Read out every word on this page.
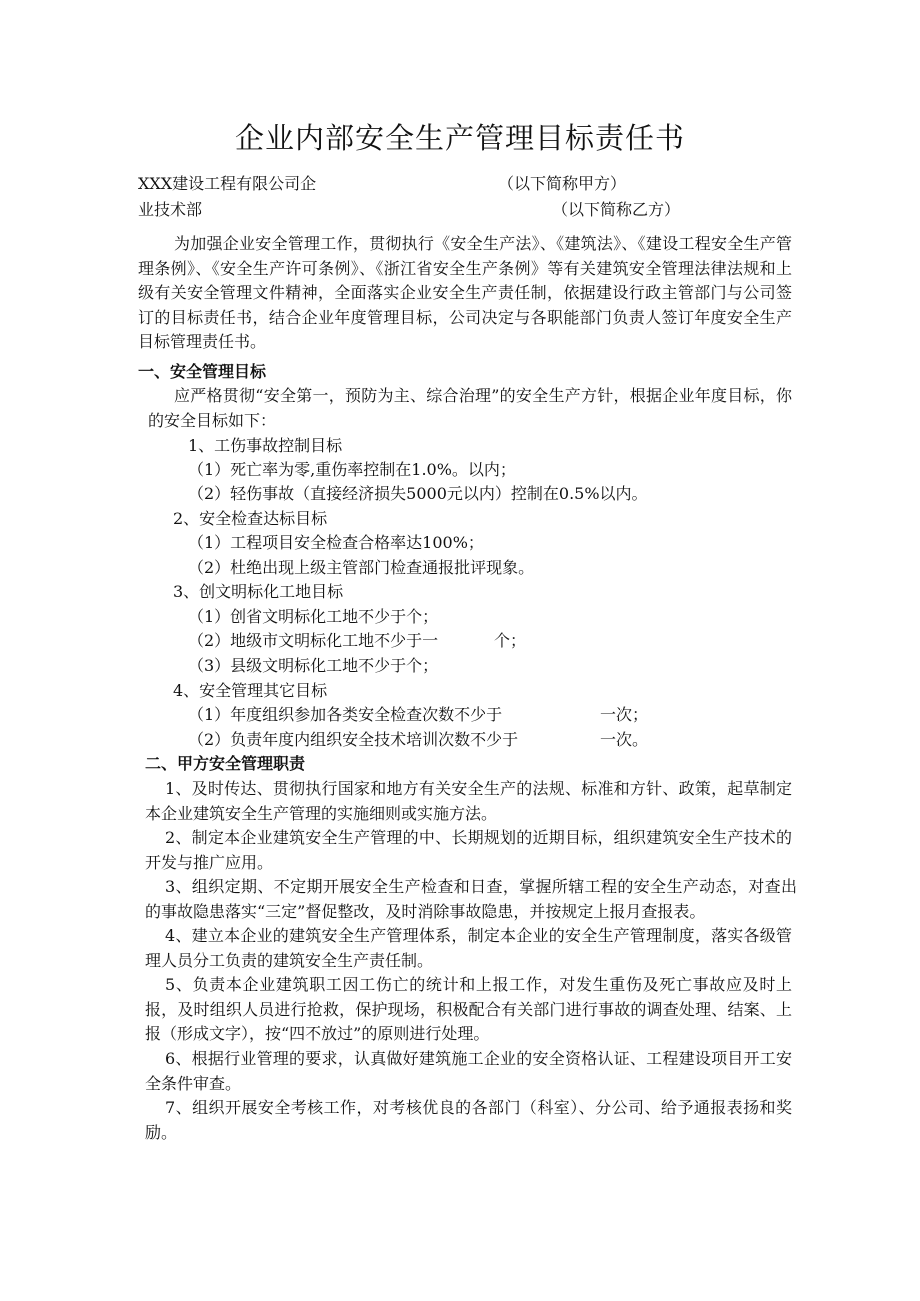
企业内部安全生产管理目标责任书
XXX建设工程有限公司企	（以下简称甲方）
业技术部	（以下简称乙方）
为加强企业安全管理工作，贯彻执行《安全生产法》、《建筑法》、《建设工程安全生产管理条例》、《安全生产许可条例》、《浙江省安全生产条例》等有关建筑安全管理法律法规和上级有关安全管理文件精神，全面落实企业安全生产责任制，依据建设行政主管部门与公司签订的目标责任书，结合企业年度管理目标，公司决定与各职能部门负责人签订年度安全生产目标管理责任书。
一、安全管理目标
应严格贯彻“安全第一，预防为主、综合治理”的安全生产方针，根据企业年度目标，你的安全目标如下：
1、工伤事故控制目标
（1）死亡率为零,重伤率控制在1.0%。以内；
（2）轻伤事故（直接经济损失5000元以内）控制在0.5%以内。
2、安全检查达标目标
（1）工程项目安全检查合格率达100%；
（2）杜绝出现上级主管部门检查通报批评现象。
3、创文明标化工地目标
（1）创省文明标化工地不少于个；
（2）地级市文明标化工地不少于一	个；
（3）县级文明标化工地不少于个；
4、安全管理其它目标
（1）年度组织参加各类安全检查次数不少于	一次；
（2）负责年度内组织安全技术培训次数不少于	一次。
二、甲方安全管理职责
1、及时传达、贯彻执行国家和地方有关安全生产的法规、标准和方针、政策，起草制定本企业建筑安全生产管理的实施细则或实施方法。
2、制定本企业建筑安全生产管理的中、长期规划的近期目标，组织建筑安全生产技术的开发与推广应用。
3、组织定期、不定期开展安全生产检查和日查，掌握所辖工程的安全生产动态，对查出的事故隐患落实“三定”督促整改，及时消除事故隐患，并按规定上报月查报表。
4、建立本企业的建筑安全生产管理体系，制定本企业的安全生产管理制度，落实各级管理人员分工负责的建筑安全生产责任制。
5、负责本企业建筑职工因工伤亡的统计和上报工作，对发生重伤及死亡事故应及时上报，及时组织人员进行抢救，保护现场，积极配合有关部门进行事故的调查处理、结案、上报（形成文字），按“四不放过”的原则进行处理。
6、根据行业管理的要求，认真做好建筑施工企业的安全资格认证、工程建设项目开工安全条件审查。
7、组织开展安全考核工作，对考核优良的各部门（科室）、分公司、给予通报表扬和奖励。
